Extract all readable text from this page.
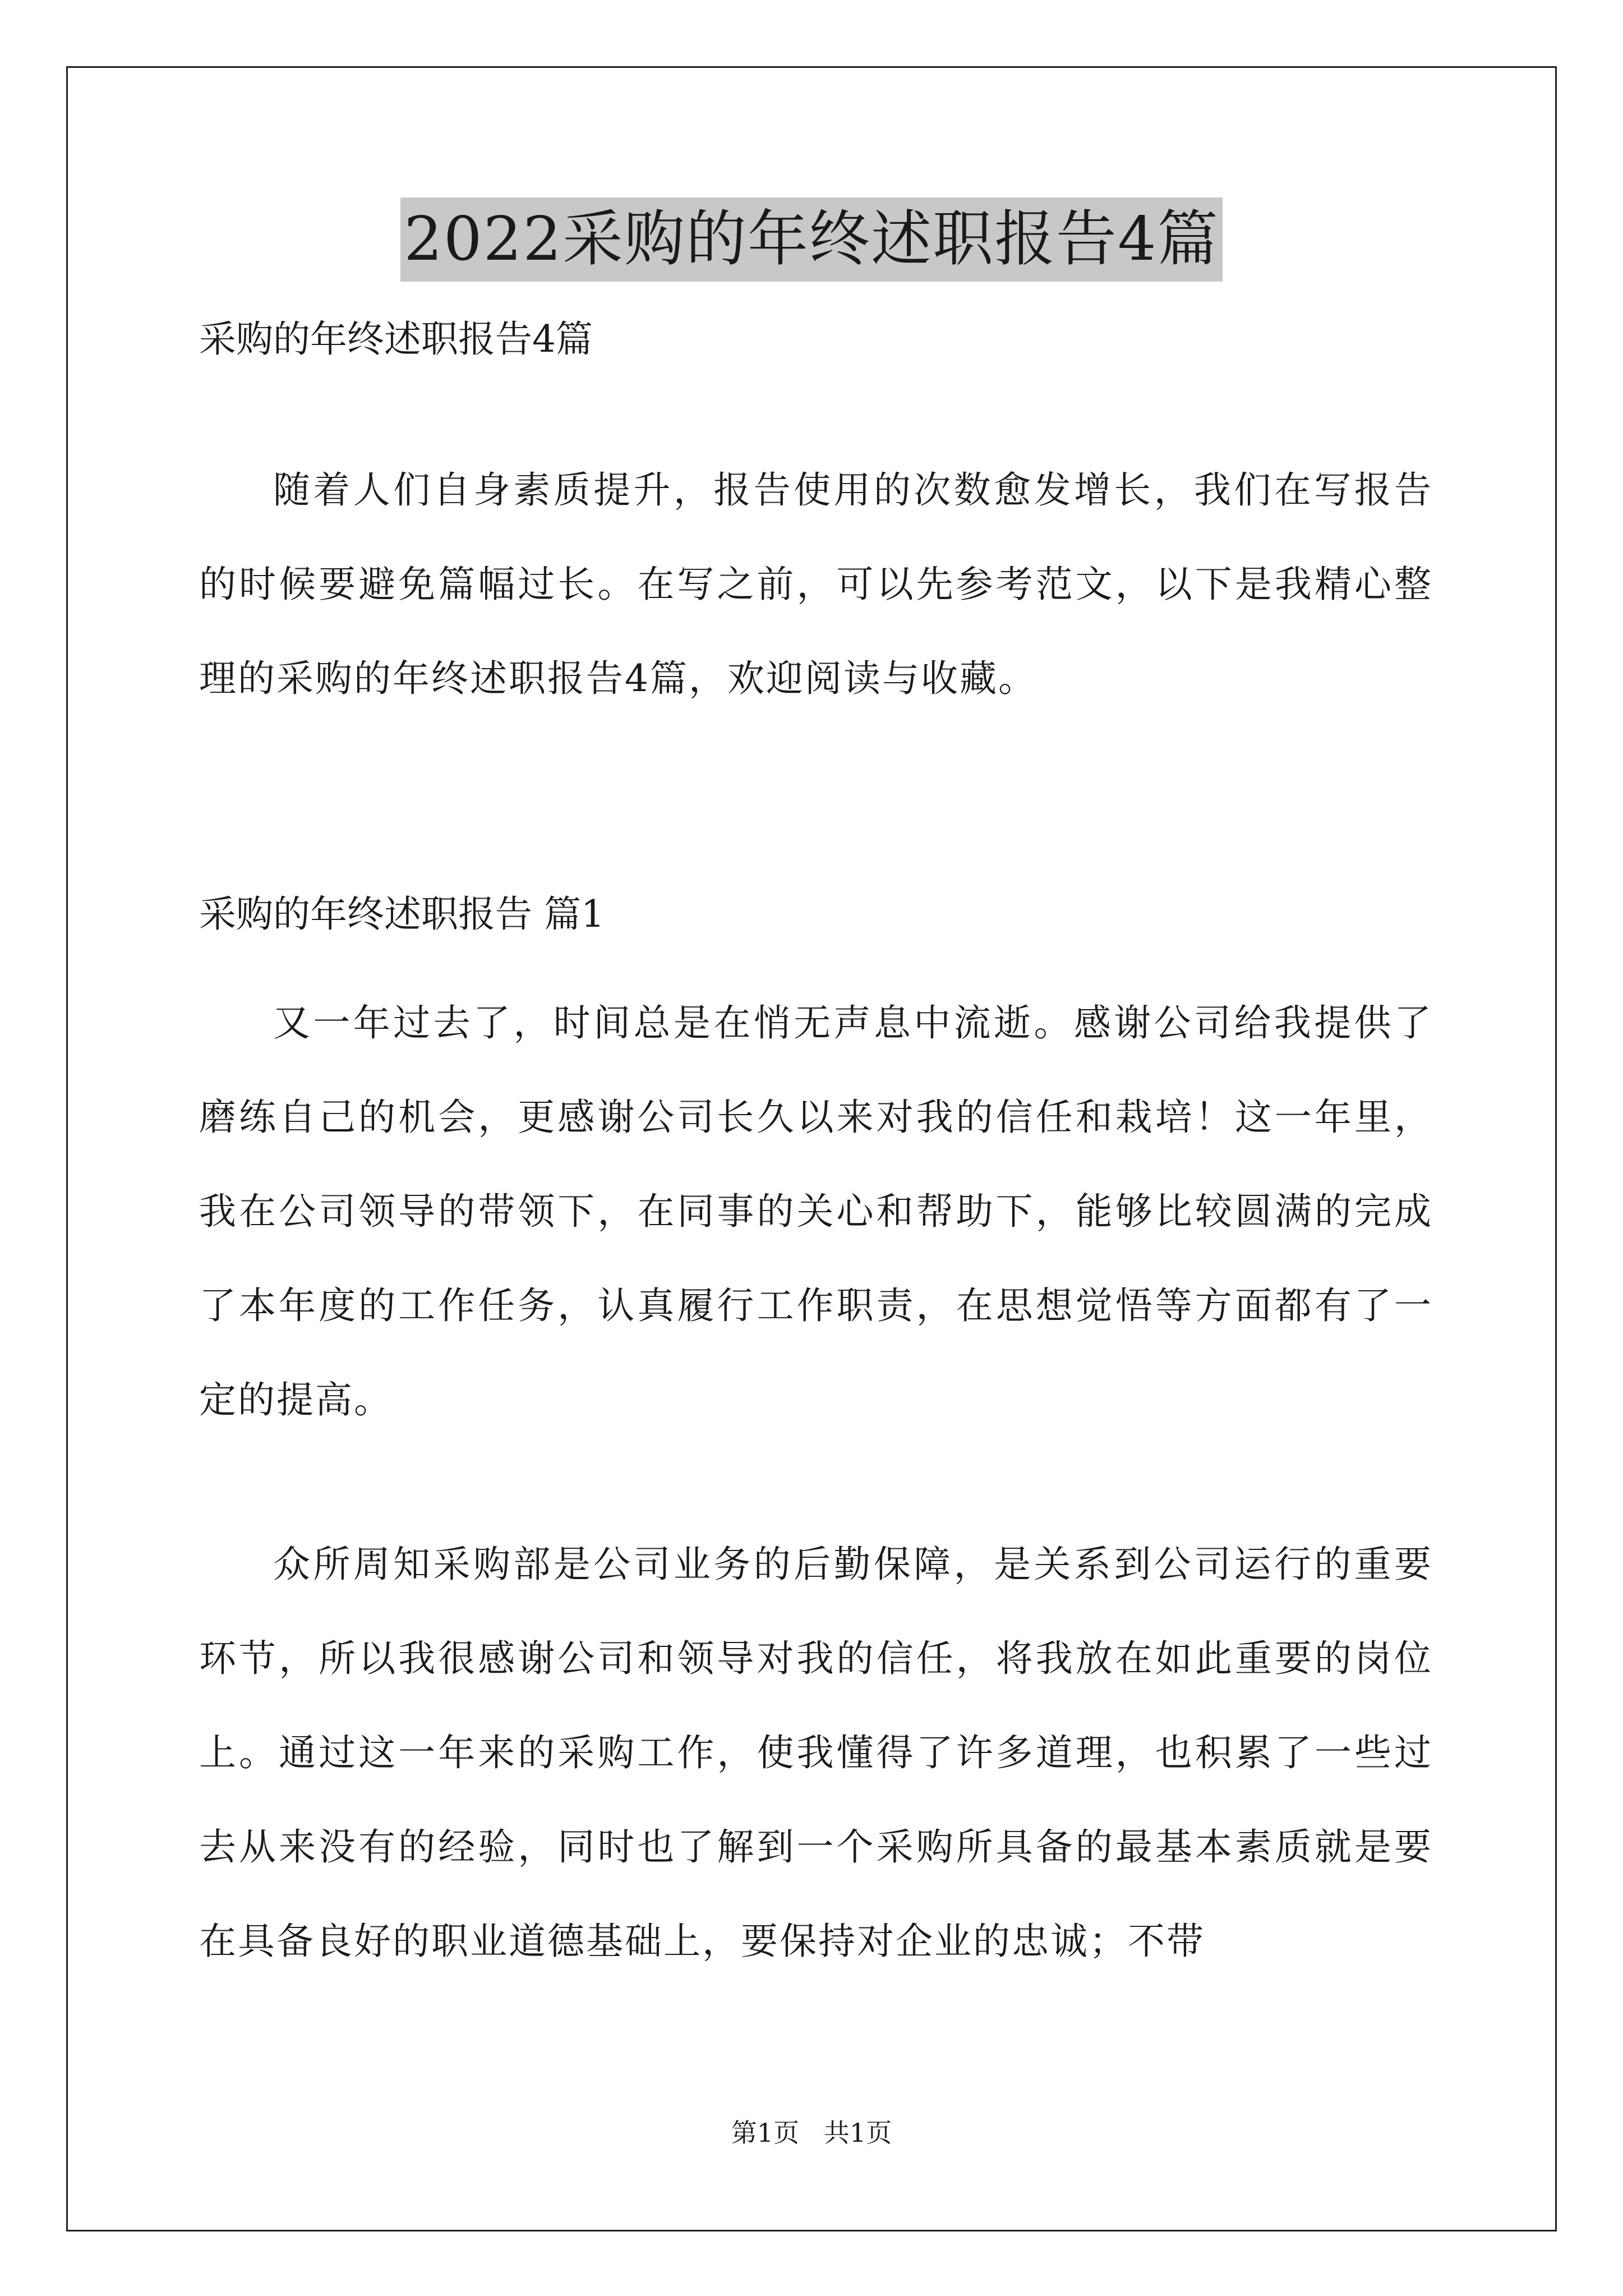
2022采购的年终述职报告4篇
采购的年终述职报告4篇

随着人们自身素质提升，报告使用的次数愈发增长，我们在写报告的时候要避免篇幅过长。在写之前，可以先参考范文，以下是我精心整理的采购的年终述职报告4篇，欢迎阅读与收藏。

采购的年终述职报告 篇1

又一年过去了，时间总是在悄无声息中流逝。感谢公司给我提供了磨练自己的机会，更感谢公司长久以来对我的信任和栽培！这一年里，我在公司领导的带领下，在同事的关心和帮助下，能够比较圆满的完成了本年度的工作任务，认真履行工作职责，在思想觉悟等方面都有了一定的提高。

众所周知采购部是公司业务的后勤保障，是关系到公司运行的重要环节，所以我很感谢公司和领导对我的信任，将我放在如此重要的岗位上。通过这一年来的采购工作，使我懂得了许多道理，也积累了一些过去从来没有的经验，同时也了解到一个采购所具备的最基本素质就是要在具备良好的职业道德基础上，要保持对企业的忠诚；不带

第1页   共1页
